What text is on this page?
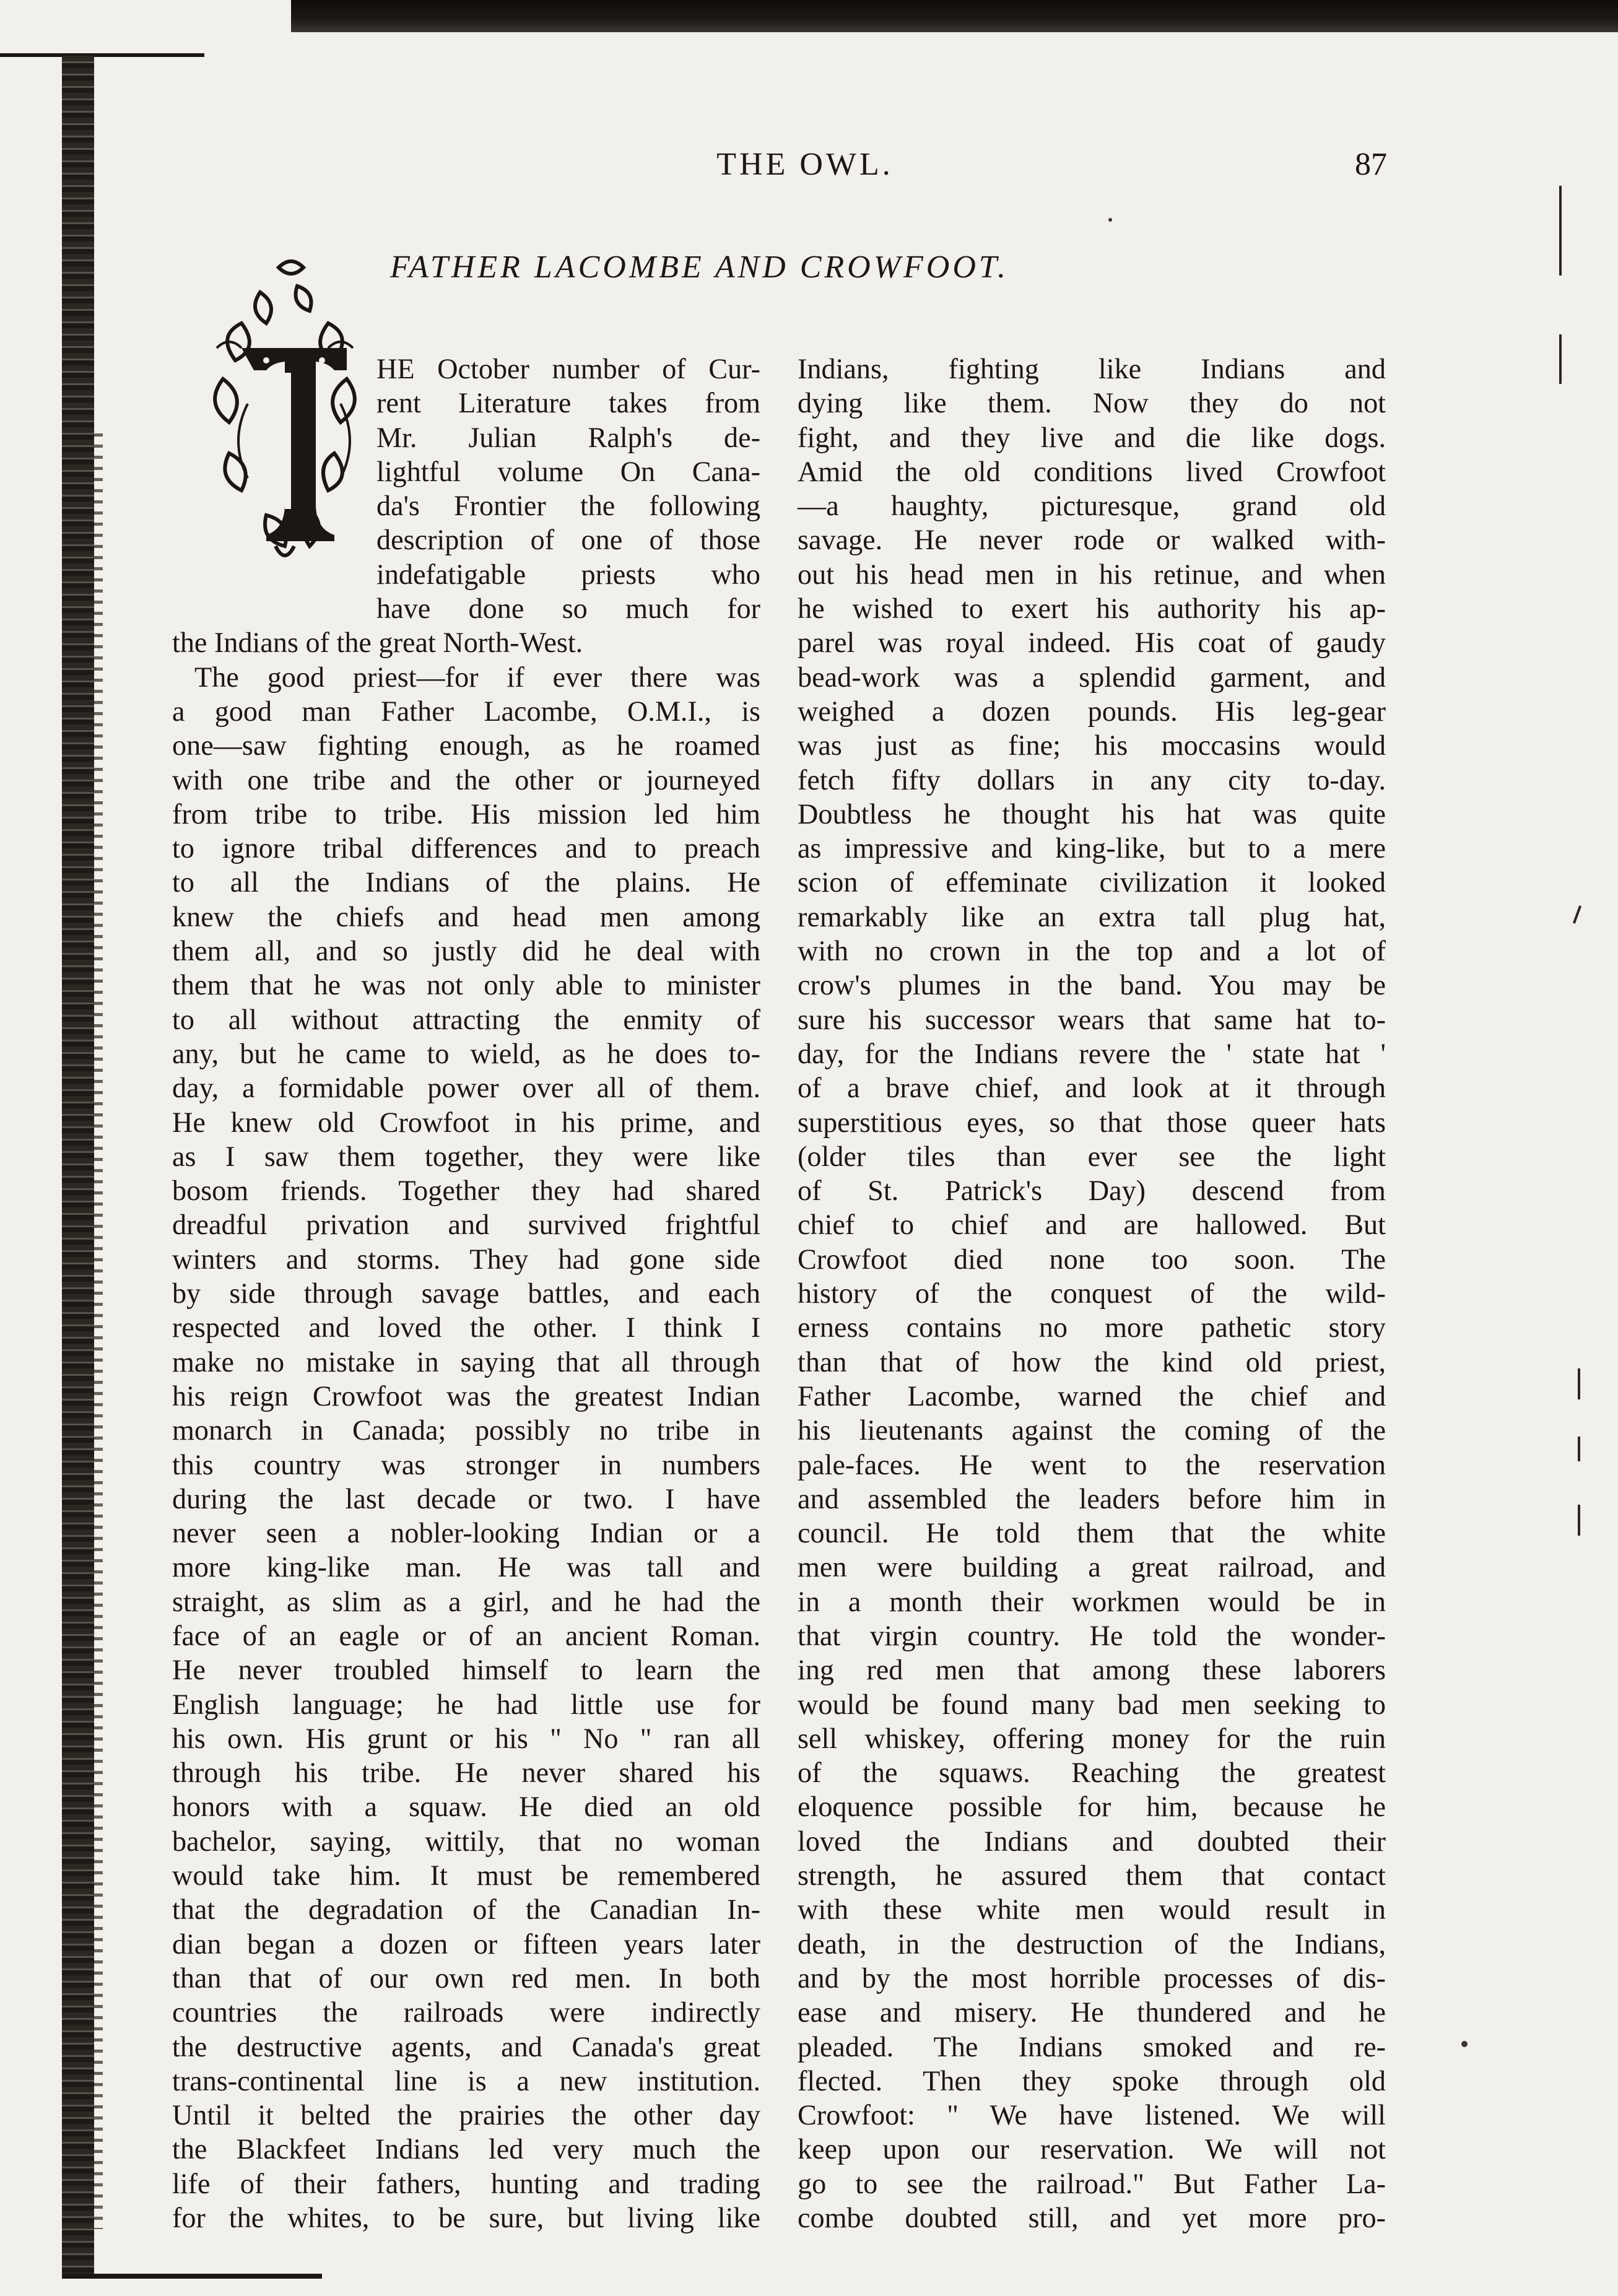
THE OWL.	87
FATHER LACOMBE AND CROWFOOT.
HE October number of Cur-
rent Literature takes from
Mr. Julian Ralph's de-
lightful volume On Cana-
da's Frontier the following
description of one of those
indefatigable priests who
have done so much for
the Indians of the great North-West.
The good priest—for if ever there was
a good man Father Lacombe, O.M.I., is
one—saw fighting enough, as he roamed
with one tribe and the other or journeyed
from tribe to tribe. His mission led him
to ignore tribal differences and to preach
to all the Indians of the plains. He
knew the chiefs and head men among
them all, and so justly did he deal with
them that he was not only able to minister
to all without attracting the enmity of
any, but he came to wield, as he does to-
day, a formidable power over all of them.
He knew old Crowfoot in his prime, and
as I saw them together, they were like
bosom friends. Together they had shared
dreadful privation and survived frightful
winters and storms. They had gone side
by side through savage battles, and each
respected and loved the other. I think I
make no mistake in saying that all through
his reign Crowfoot was the greatest Indian
monarch in Canada; possibly no tribe in
this country was stronger in numbers
during the last decade or two. I have
never seen a nobler-looking Indian or a
more king-like man. He was tall and
straight, as slim as a girl, and he had the
face of an eagle or of an ancient Roman.
He never troubled himself to learn the
English language; he had little use for
his own. His grunt or his " No " ran all
through his tribe. He never shared his
honors with a squaw. He died an old
bachelor, saying, wittily, that no woman
would take him. It must be remembered
that the degradation of the Canadian In-
dian began a dozen or fifteen years later
than that of our own red men. In both
countries the railroads were indirectly
the destructive agents, and Canada's great
trans-continental line is a new institution.
Until it belted the prairies the other day
the Blackfeet Indians led very much the
life of their fathers, hunting and trading
for the whites, to be sure, but living like
Indians, fighting like Indians and
dying like them. Now they do not
fight, and they live and die like dogs.
Amid the old conditions lived Crowfoot
—a haughty, picturesque, grand old
savage. He never rode or walked with-
out his head men in his retinue, and when
he wished to exert his authority his ap-
parel was royal indeed. His coat of gaudy
bead-work was a splendid garment, and
weighed a dozen pounds. His leg-gear
was just as fine; his moccasins would
fetch fifty dollars in any city to-day.
Doubtless he thought his hat was quite
as impressive and king-like, but to a mere
scion of effeminate civilization it looked
remarkably like an extra tall plug hat,
with no crown in the top and a lot of
crow's plumes in the band. You may be
sure his successor wears that same hat to-
day, for the Indians revere the ' state hat '
of a brave chief, and look at it through
superstitious eyes, so that those queer hats
(older tiles than ever see the light
of St. Patrick's Day) descend from
chief to chief and are hallowed. But
Crowfoot died none too soon. The
history of the conquest of the wild-
erness contains no more pathetic story
than that of how the kind old priest,
Father Lacombe, warned the chief and
his lieutenants against the coming of the
pale-faces. He went to the reservation
and assembled the leaders before him in
council. He told them that the white
men were building a great railroad, and
in a month their workmen would be in
that virgin country. He told the wonder-
ing red men that among these laborers
would be found many bad men seeking to
sell whiskey, offering money for the ruin
of the squaws. Reaching the greatest
eloquence possible for him, because he
loved the Indians and doubted their
strength, he assured them that contact
with these white men would result in
death, in the destruction of the Indians,
and by the most horrible processes of dis-
ease and misery. He thundered and he
pleaded. The Indians smoked and re-
flected. Then they spoke through old
Crowfoot: " We have listened. We will
keep upon our reservation. We will not
go to see the railroad." But Father La-
combe doubted still, and yet more pro-
